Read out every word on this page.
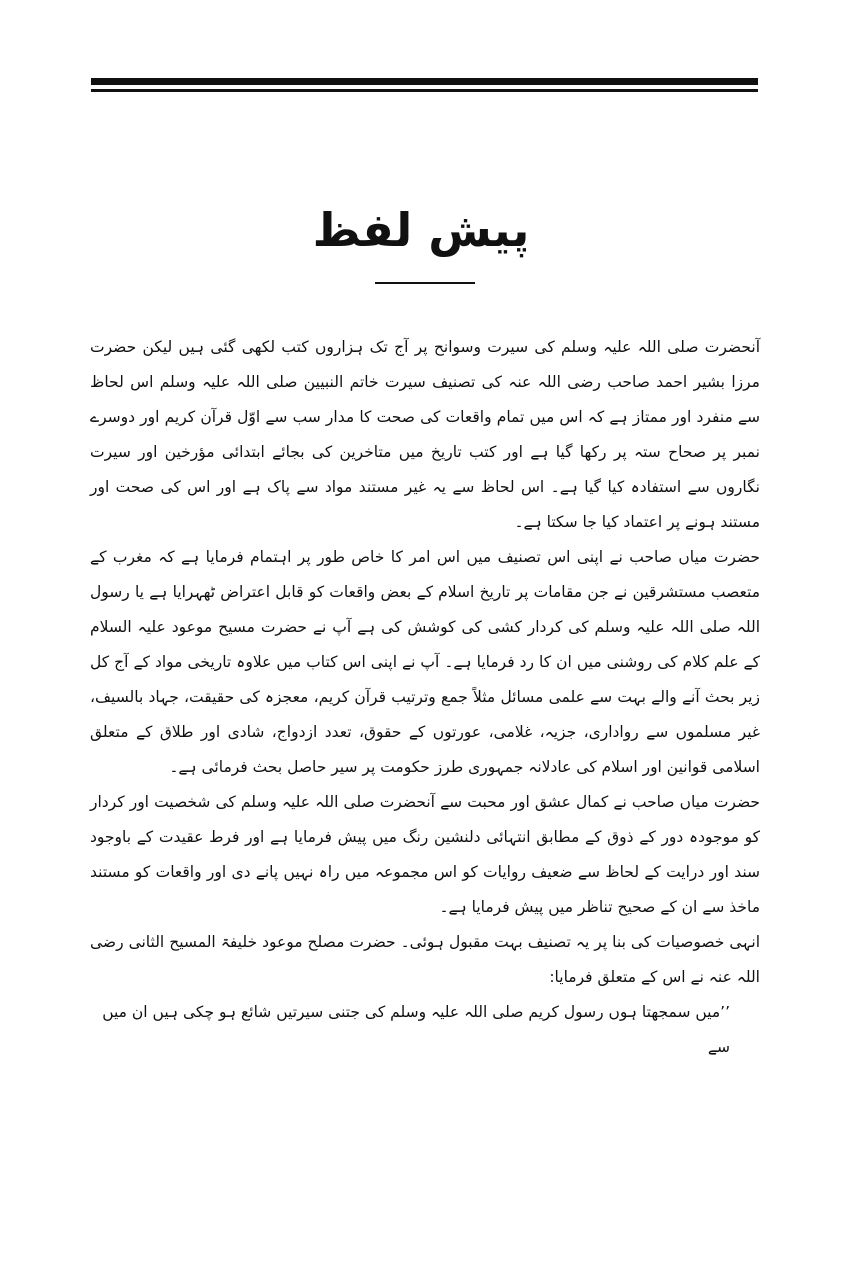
پیش لفظ

آنحضرت صلی اللہ علیہ وسلم کی سیرت وسوانح پر آج تک ہزاروں کتب لکھی گئی ہیں لیکن حضرت مرزا بشیر احمد صاحب رضی اللہ عنہ کی تصنیف سیرت خاتم النبیین صلی اللہ علیہ وسلم اس لحاظ سے منفرد اور ممتاز ہے کہ اس میں تمام واقعات کی صحت کا مدار سب سے اوّل قرآن کریم اور دوسرے نمبر پر صحاح ستہ پر رکھا گیا ہے اور کتب تاریخ میں متاخرین کی بجائے ابتدائی مؤرخین اور سیرت نگاروں سے استفادہ کیا گیا ہے۔ اس لحاظ سے یہ غیر مستند مواد سے پاک ہے اور اس کی صحت اور مستند ہونے پر اعتماد کیا جا سکتا ہے۔

حضرت میاں صاحب نے اپنی اس تصنیف میں اس امر کا خاص طور پر اہتمام فرمایا ہے کہ مغرب کے متعصب مستشرقین نے جن مقامات پر تاریخ اسلام کے بعض واقعات کو قابل اعتراض ٹھہرایا ہے یا رسول اللہ صلی اللہ علیہ وسلم کی کردار کشی کی کوشش کی ہے آپ نے حضرت مسیح موعود علیہ السلام کے علم کلام کی روشنی میں ان کا رد فرمایا ہے۔ آپ نے اپنی اس کتاب میں علاوہ تاریخی مواد کے آج کل زیر بحث آنے والے بہت سے علمی مسائل مثلاً جمع وترتیب قرآن کریم، معجزہ کی حقیقت، جہاد بالسیف، غیر مسلموں سے رواداری، جزیہ، غلامی، عورتوں کے حقوق، تعدد ازدواج، شادی اور طلاق کے متعلق اسلامی قوانین اور اسلام کی عادلانہ جمہوری طرز حکومت پر سیر حاصل بحث فرمائی ہے۔

حضرت میاں صاحب نے کمال عشق اور محبت سے آنحضرت صلی اللہ علیہ وسلم کی شخصیت اور کردار کو موجودہ دور کے ذوق کے مطابق انتہائی دلنشین رنگ میں پیش فرمایا ہے اور فرط عقیدت کے باوجود سند اور درایت کے لحاظ سے ضعیف روایات کو اس مجموعہ میں راہ نہیں پانے دی اور واقعات کو مستند ماخذ سے ان کے صحیح تناظر میں پیش فرمایا ہے۔

انہی خصوصیات کی بنا پر یہ تصنیف بہت مقبول ہوئی۔ حضرت مصلح موعود خلیفۃ المسیح الثانی رضی اللہ عنہ نے اس کے متعلق فرمایا:

’’میں سمجھتا ہوں رسول کریم صلی اللہ علیہ وسلم کی جتنی سیرتیں شائع ہو چکی ہیں ان میں سے
